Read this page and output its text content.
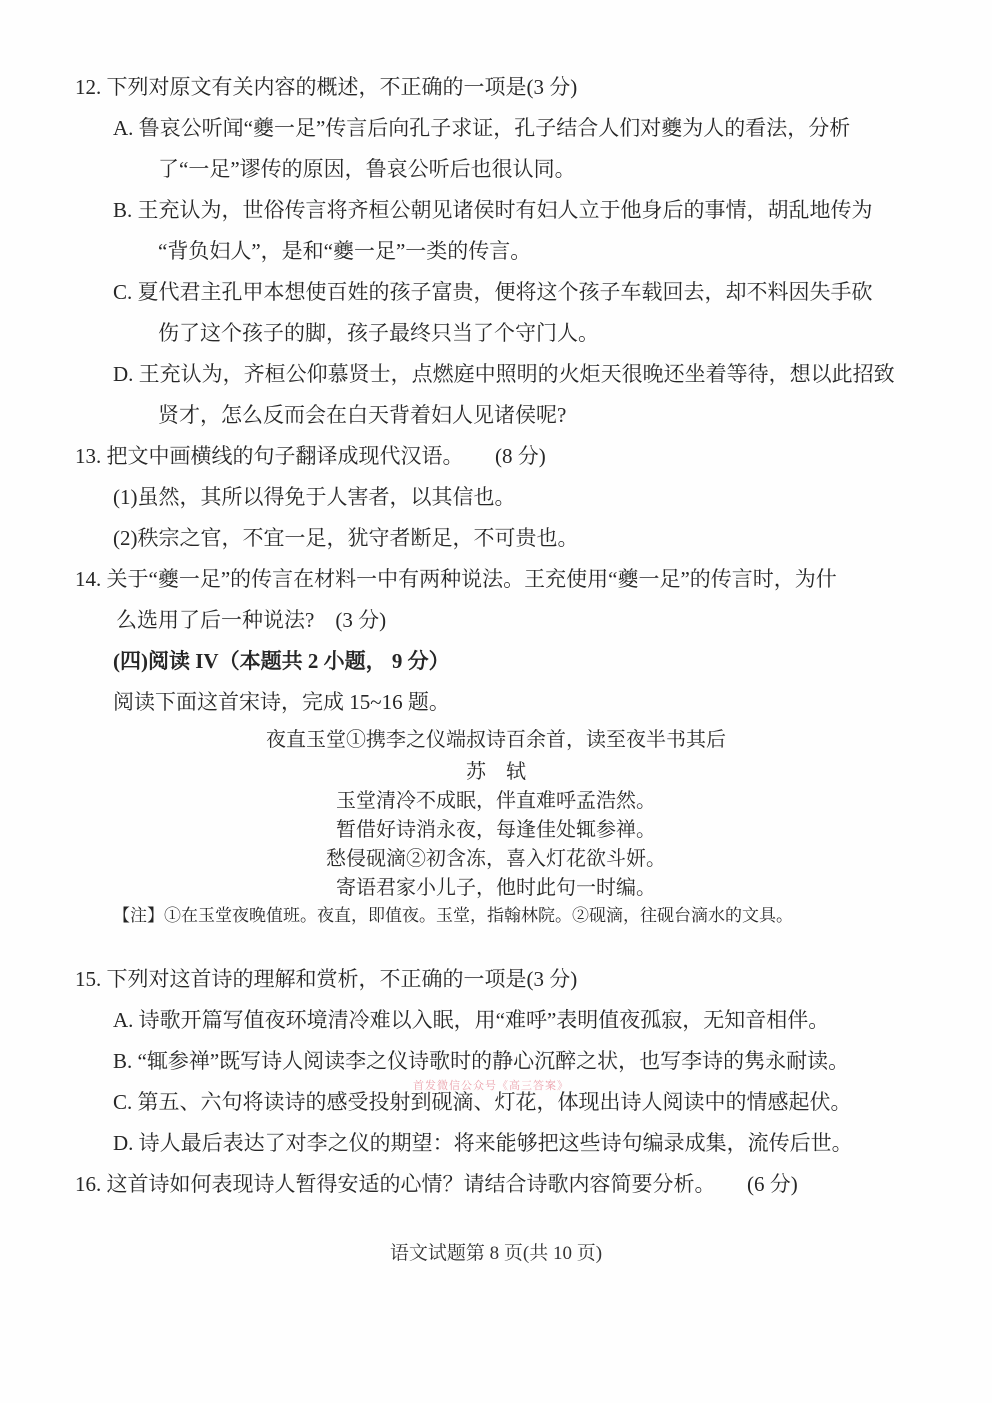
12. 下列对原文有关内容的概述，不正确的一项是(3 分)
A. 鲁哀公听闻“夔一足”传言后向孔子求证，孔子结合人们对夔为人的看法，分析
了“一足”谬传的原因，鲁哀公听后也很认同。
B. 王充认为，世俗传言将齐桓公朝见诸侯时有妇人立于他身后的事情，胡乱地传为
“背负妇人”，是和“夔一足”一类的传言。
C. 夏代君主孔甲本想使百姓的孩子富贵，便将这个孩子车载回去，却不料因失手砍
伤了这个孩子的脚，孩子最终只当了个守门人。
D. 王充认为，齐桓公仰慕贤士，点燃庭中照明的火炬天很晚还坐着等待，想以此招致
贤才，怎么反而会在白天背着妇人见诸侯呢?
13. 把文中画横线的句子翻译成现代汉语。　　(8 分)
(1)虽然，其所以得免于人害者，以其信也。
(2)秩宗之官，不宜一足，犹守者断足，不可贵也。
14. 关于“夔一足”的传言在材料一中有两种说法。王充使用“夔一足”的传言时，为什
么选用了后一种说法?　(3 分)
(四)阅读 IV（本题共 2 小题， 9 分）
阅读下面这首宋诗，完成 15~16 题。
夜直玉堂①携李之仪端叔诗百余首，读至夜半书其后
苏　轼
玉堂清冷不成眠，伴直难呼孟浩然。
暂借好诗消永夜，每逢佳处辄参禅。
愁侵砚滴②初含冻，喜入灯花欲斗妍。
寄语君家小儿子，他时此句一时编。
【注】①在玉堂夜晚值班。夜直，即值夜。玉堂，指翰林院。②砚滴，往砚台滴水的文具。
15. 下列对这首诗的理解和赏析，不正确的一项是(3 分)
A. 诗歌开篇写值夜环境清冷难以入眠，用“难呼”表明值夜孤寂，无知音相伴。
B. “辄参禅”既写诗人阅读李之仪诗歌时的静心沉醉之状，也写李诗的隽永耐读。
C. 第五、六句将读诗的感受投射到砚滴、灯花，体现出诗人阅读中的情感起伏。
D. 诗人最后表达了对李之仪的期望：将来能够把这些诗句编录成集，流传后世。
16. 这首诗如何表现诗人暂得安适的心情？请结合诗歌内容简要分析。　　(6 分)
语文试题第 8 页(共 10 页)
首发微信公众号《高三答案》
